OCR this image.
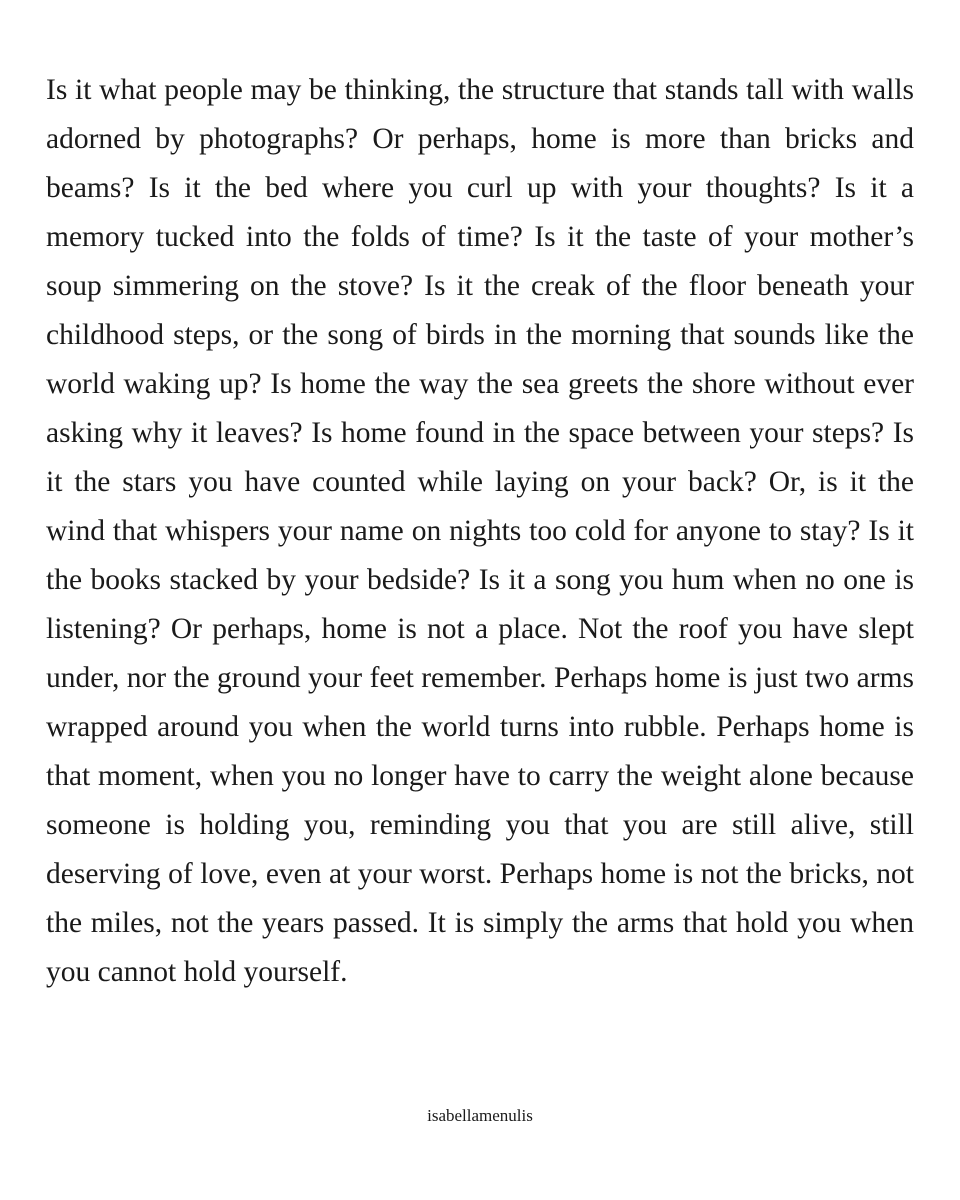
Is it what people may be thinking, the structure that stands tall with walls adorned by photographs? Or perhaps, home is more than bricks and beams? Is it the bed where you curl up with your thoughts? Is it a memory tucked into the folds of time? Is it the taste of your mother’s soup simmering on the stove? Is it the creak of the floor beneath your childhood steps, or the song of birds in the morning that sounds like the world waking up? Is home the way the sea greets the shore without ever asking why it leaves? Is home found in the space between your steps? Is it the stars you have counted while laying on your back? Or, is it the wind that whispers your name on nights too cold for anyone to stay? Is it the books stacked by your bedside? Is it a song you hum when no one is listening? Or perhaps, home is not a place. Not the roof you have slept under, nor the ground your feet remember. Perhaps home is just two arms wrapped around you when the world turns into rubble. Perhaps home is that moment, when you no longer have to carry the weight alone because someone is holding you, reminding you that you are still alive, still deserving of love, even at your worst. Perhaps home is not the bricks, not the miles, not the years passed. It is simply the arms that hold you when you cannot hold yourself.

isabellamenulis
